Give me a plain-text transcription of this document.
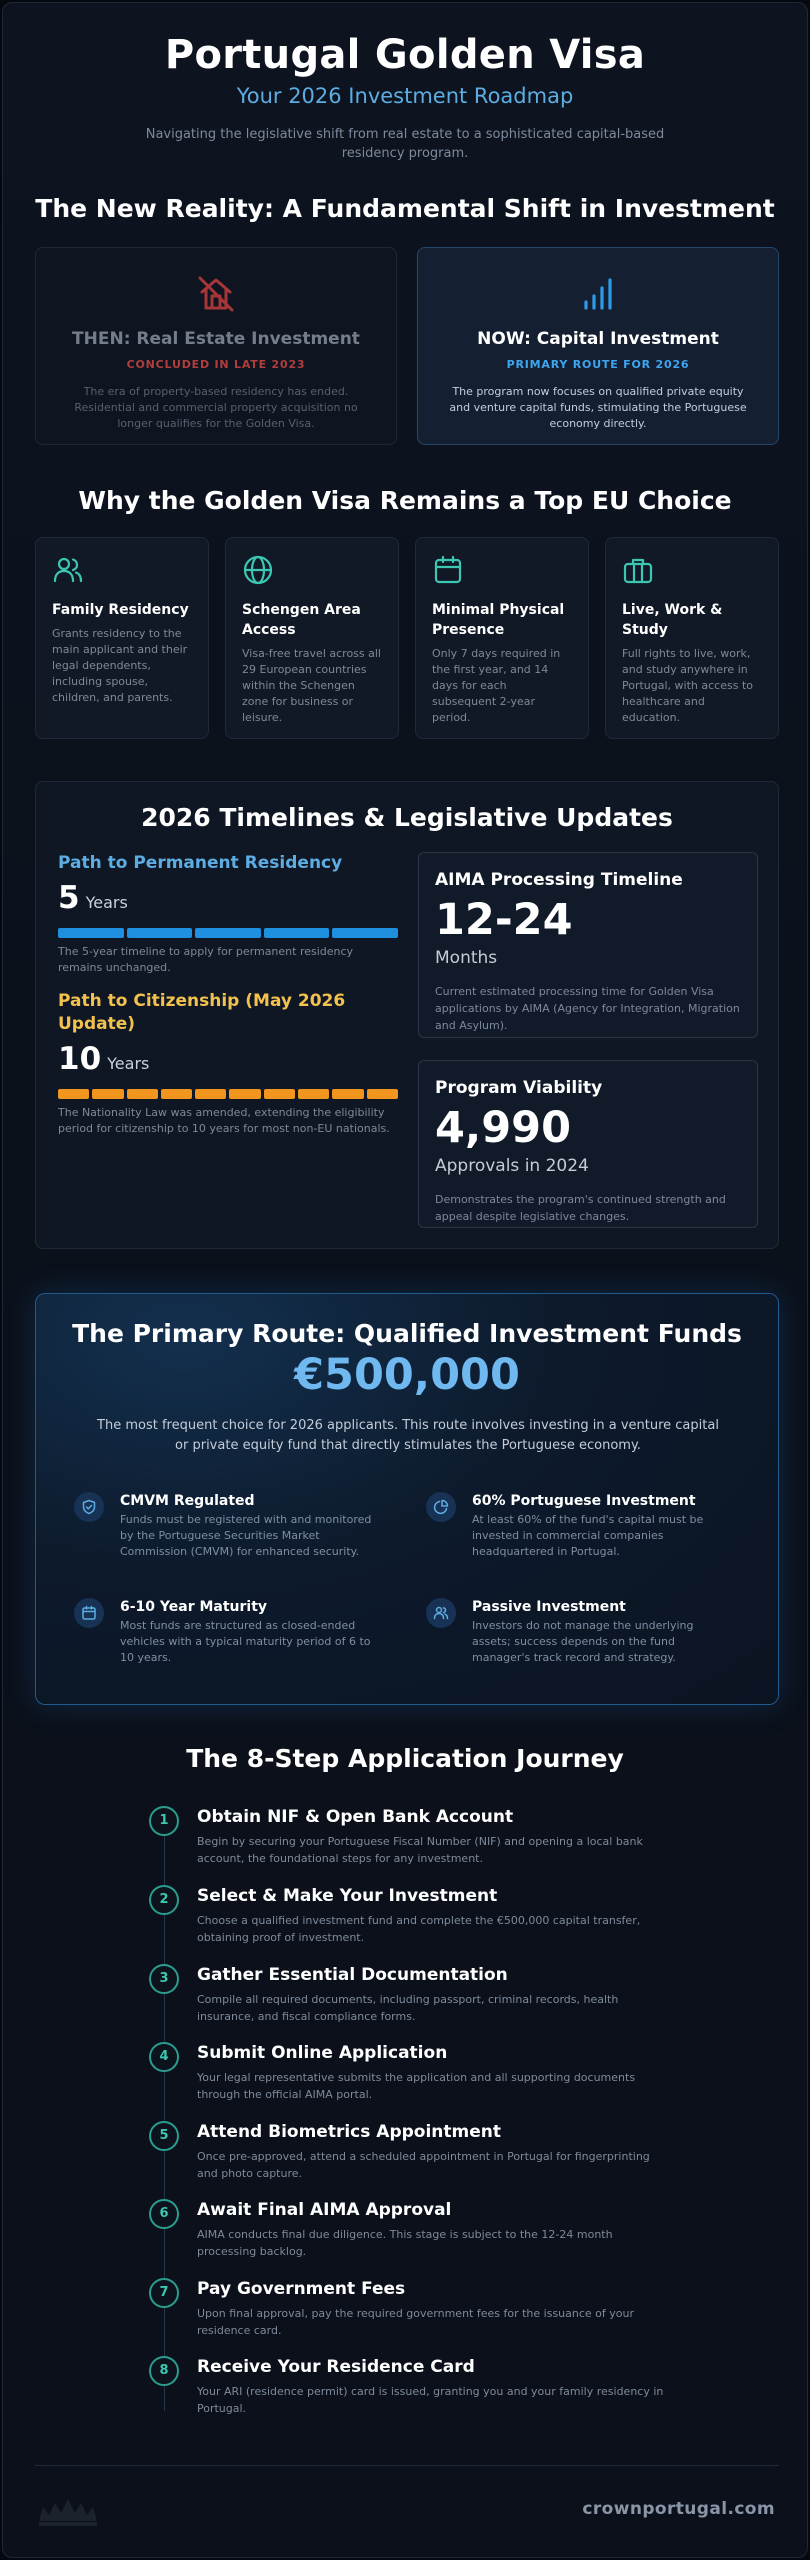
Portugal Golden Visa
Your 2026 Investment Roadmap

Navigating the legislative shift from real estate to a sophisticated capital-based residency program.

The New Reality: A Fundamental Shift in Investment
THEN: Real Estate Investment
CONCLUDED IN LATE 2023
The era of property-based residency has ended. Residential and commercial property acquisition no longer qualifies for the Golden Visa.
NOW: Capital Investment
PRIMARY ROUTE FOR 2026
The program now focuses on qualified private equity and venture capital funds, stimulating the Portuguese economy directly.
Why the Golden Visa Remains a Top EU Choice
Family Residency
Grants residency to the main applicant and their legal dependents, including spouse, children, and parents.
Schengen Area Access
Visa-free travel across all 29 European countries within the Schengen zone for business or leisure.
Minimal Physical Presence
Only 7 days required in the first year, and 14 days for each subsequent 2-year period.
Live, Work & Study
Full rights to live, work, and study anywhere in Portugal, with access to healthcare and education.
2026 Timelines & Legislative Updates
Path to Permanent Residency
5 Years
The 5-year timeline to apply for permanent residency remains unchanged.
Path to Citizenship (May 2026 Update)
10 Years
The Nationality Law was amended, extending the eligibility period for citizenship to 10 years for most non-EU nationals.
AIMA Processing Timeline
12-24
Months
Current estimated processing time for Golden Visa applications by AIMA (Agency for Integration, Migration and Asylum).
Program Viability
4,990
Approvals in 2024
Demonstrates the program's continued strength and appeal despite legislative changes.
The Primary Route: Qualified Investment Funds
€500,000
The most frequent choice for 2026 applicants. This route involves investing in a venture capital or private equity fund that directly stimulates the Portuguese economy.
CMVM Regulated
Funds must be registered with and monitored by the Portuguese Securities Market Commission (CMVM) for enhanced security.
60% Portuguese Investment
At least 60% of the fund's capital must be invested in commercial companies headquartered in Portugal.
6-10 Year Maturity
Most funds are structured as closed-ended vehicles with a typical maturity period of 6 to 10 years.
Passive Investment
Investors do not manage the underlying assets; success depends on the fund manager's track record and strategy.
The 8-Step Application Journey
1	Obtain NIF & Open Bank Account
Begin by securing your Portuguese Fiscal Number (NIF) and opening a local bank account, the foundational steps for any investment.
2	Select & Make Your Investment
Choose a qualified investment fund and complete the €500,000 capital transfer, obtaining proof of investment.
3	Gather Essential Documentation
Compile all required documents, including passport, criminal records, health insurance, and fiscal compliance forms.
4	Submit Online Application
Your legal representative submits the application and all supporting documents through the official AIMA portal.
5	Attend Biometrics Appointment
Once pre-approved, attend a scheduled appointment in Portugal for fingerprinting and photo capture.
6	Await Final AIMA Approval
AIMA conducts final due diligence. This stage is subject to the 12-24 month processing backlog.
7	Pay Government Fees
Upon final approval, pay the required government fees for the issuance of your residence card.
8	Receive Your Residence Card
Your ARI (residence permit) card is issued, granting you and your family residency in Portugal.
crownportugal.com
